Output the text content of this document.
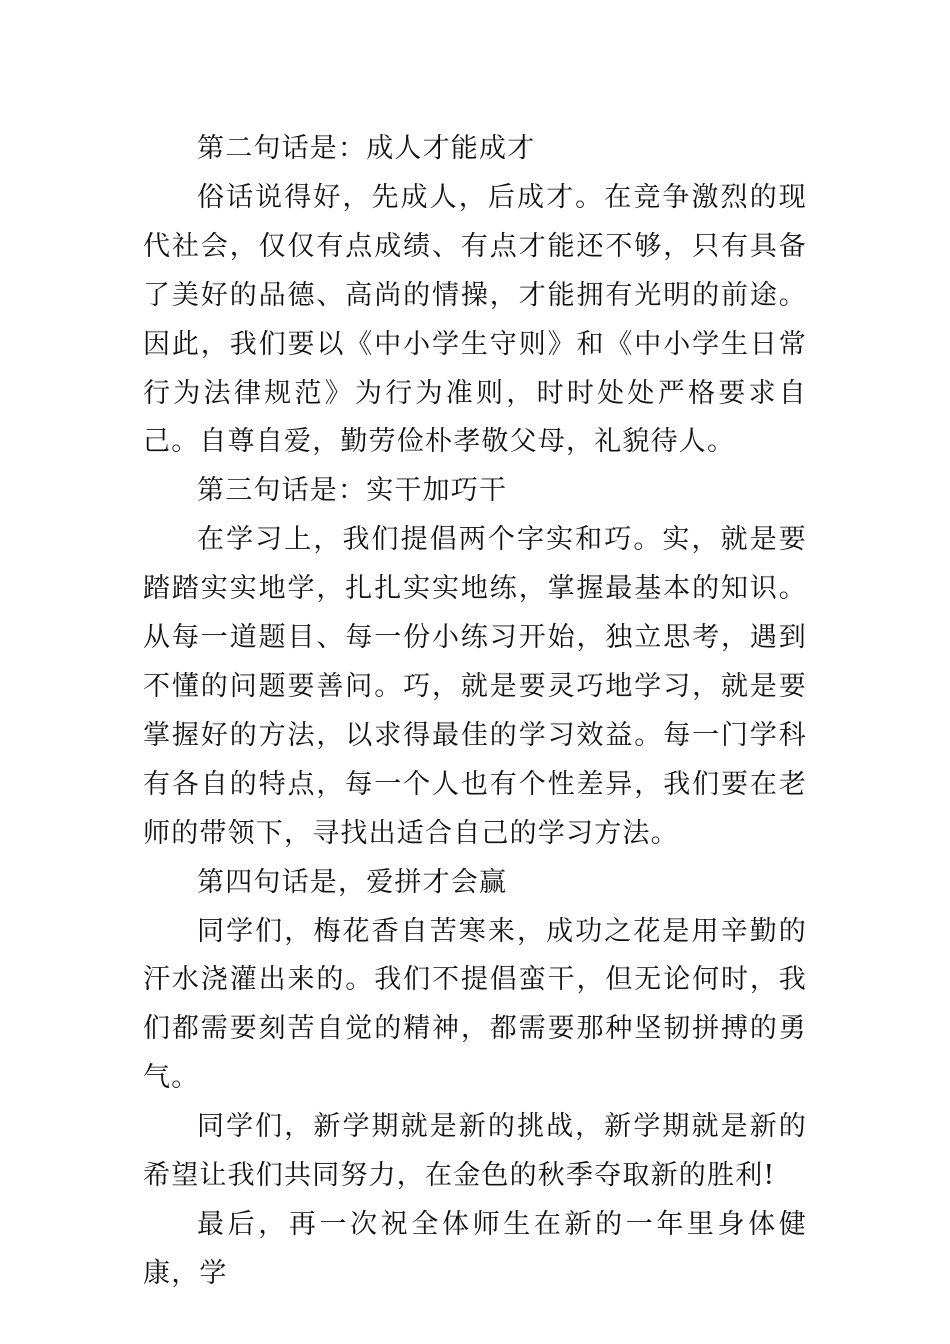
第二句话是：成人才能成才

俗话说得好，先成人，后成才。在竞争激烈的现代社会，仅仅有点成绩、有点才能还不够，只有具备了美好的品德、高尚的情操，才能拥有光明的前途。因此，我们要以《中小学生守则》和《中小学生日常行为法律规范》为行为准则，时时处处严格要求自己。自尊自爱，勤劳俭朴孝敬父母，礼貌待人。

第三句话是：实干加巧干

在学习上，我们提倡两个字实和巧。实，就是要踏踏实实地学，扎扎实实地练，掌握最基本的知识。从每一道题目、每一份小练习开始，独立思考，遇到不懂的问题要善问。巧，就是要灵巧地学习，就是要掌握好的方法，以求得最佳的学习效益。每一门学科有各自的特点，每一个人也有个性差异，我们要在老师的带领下，寻找出适合自己的学习方法。

第四句话是，爱拼才会赢

同学们，梅花香自苦寒来，成功之花是用辛勤的汗水浇灌出来的。我们不提倡蛮干，但无论何时，我们都需要刻苦自觉的精神，都需要那种坚韧拼搏的勇气。

同学们，新学期就是新的挑战，新学期就是新的希望让我们共同努力，在金色的秋季夺取新的胜利!

最后，再一次祝全体师生在新的一年里身体健康，学
